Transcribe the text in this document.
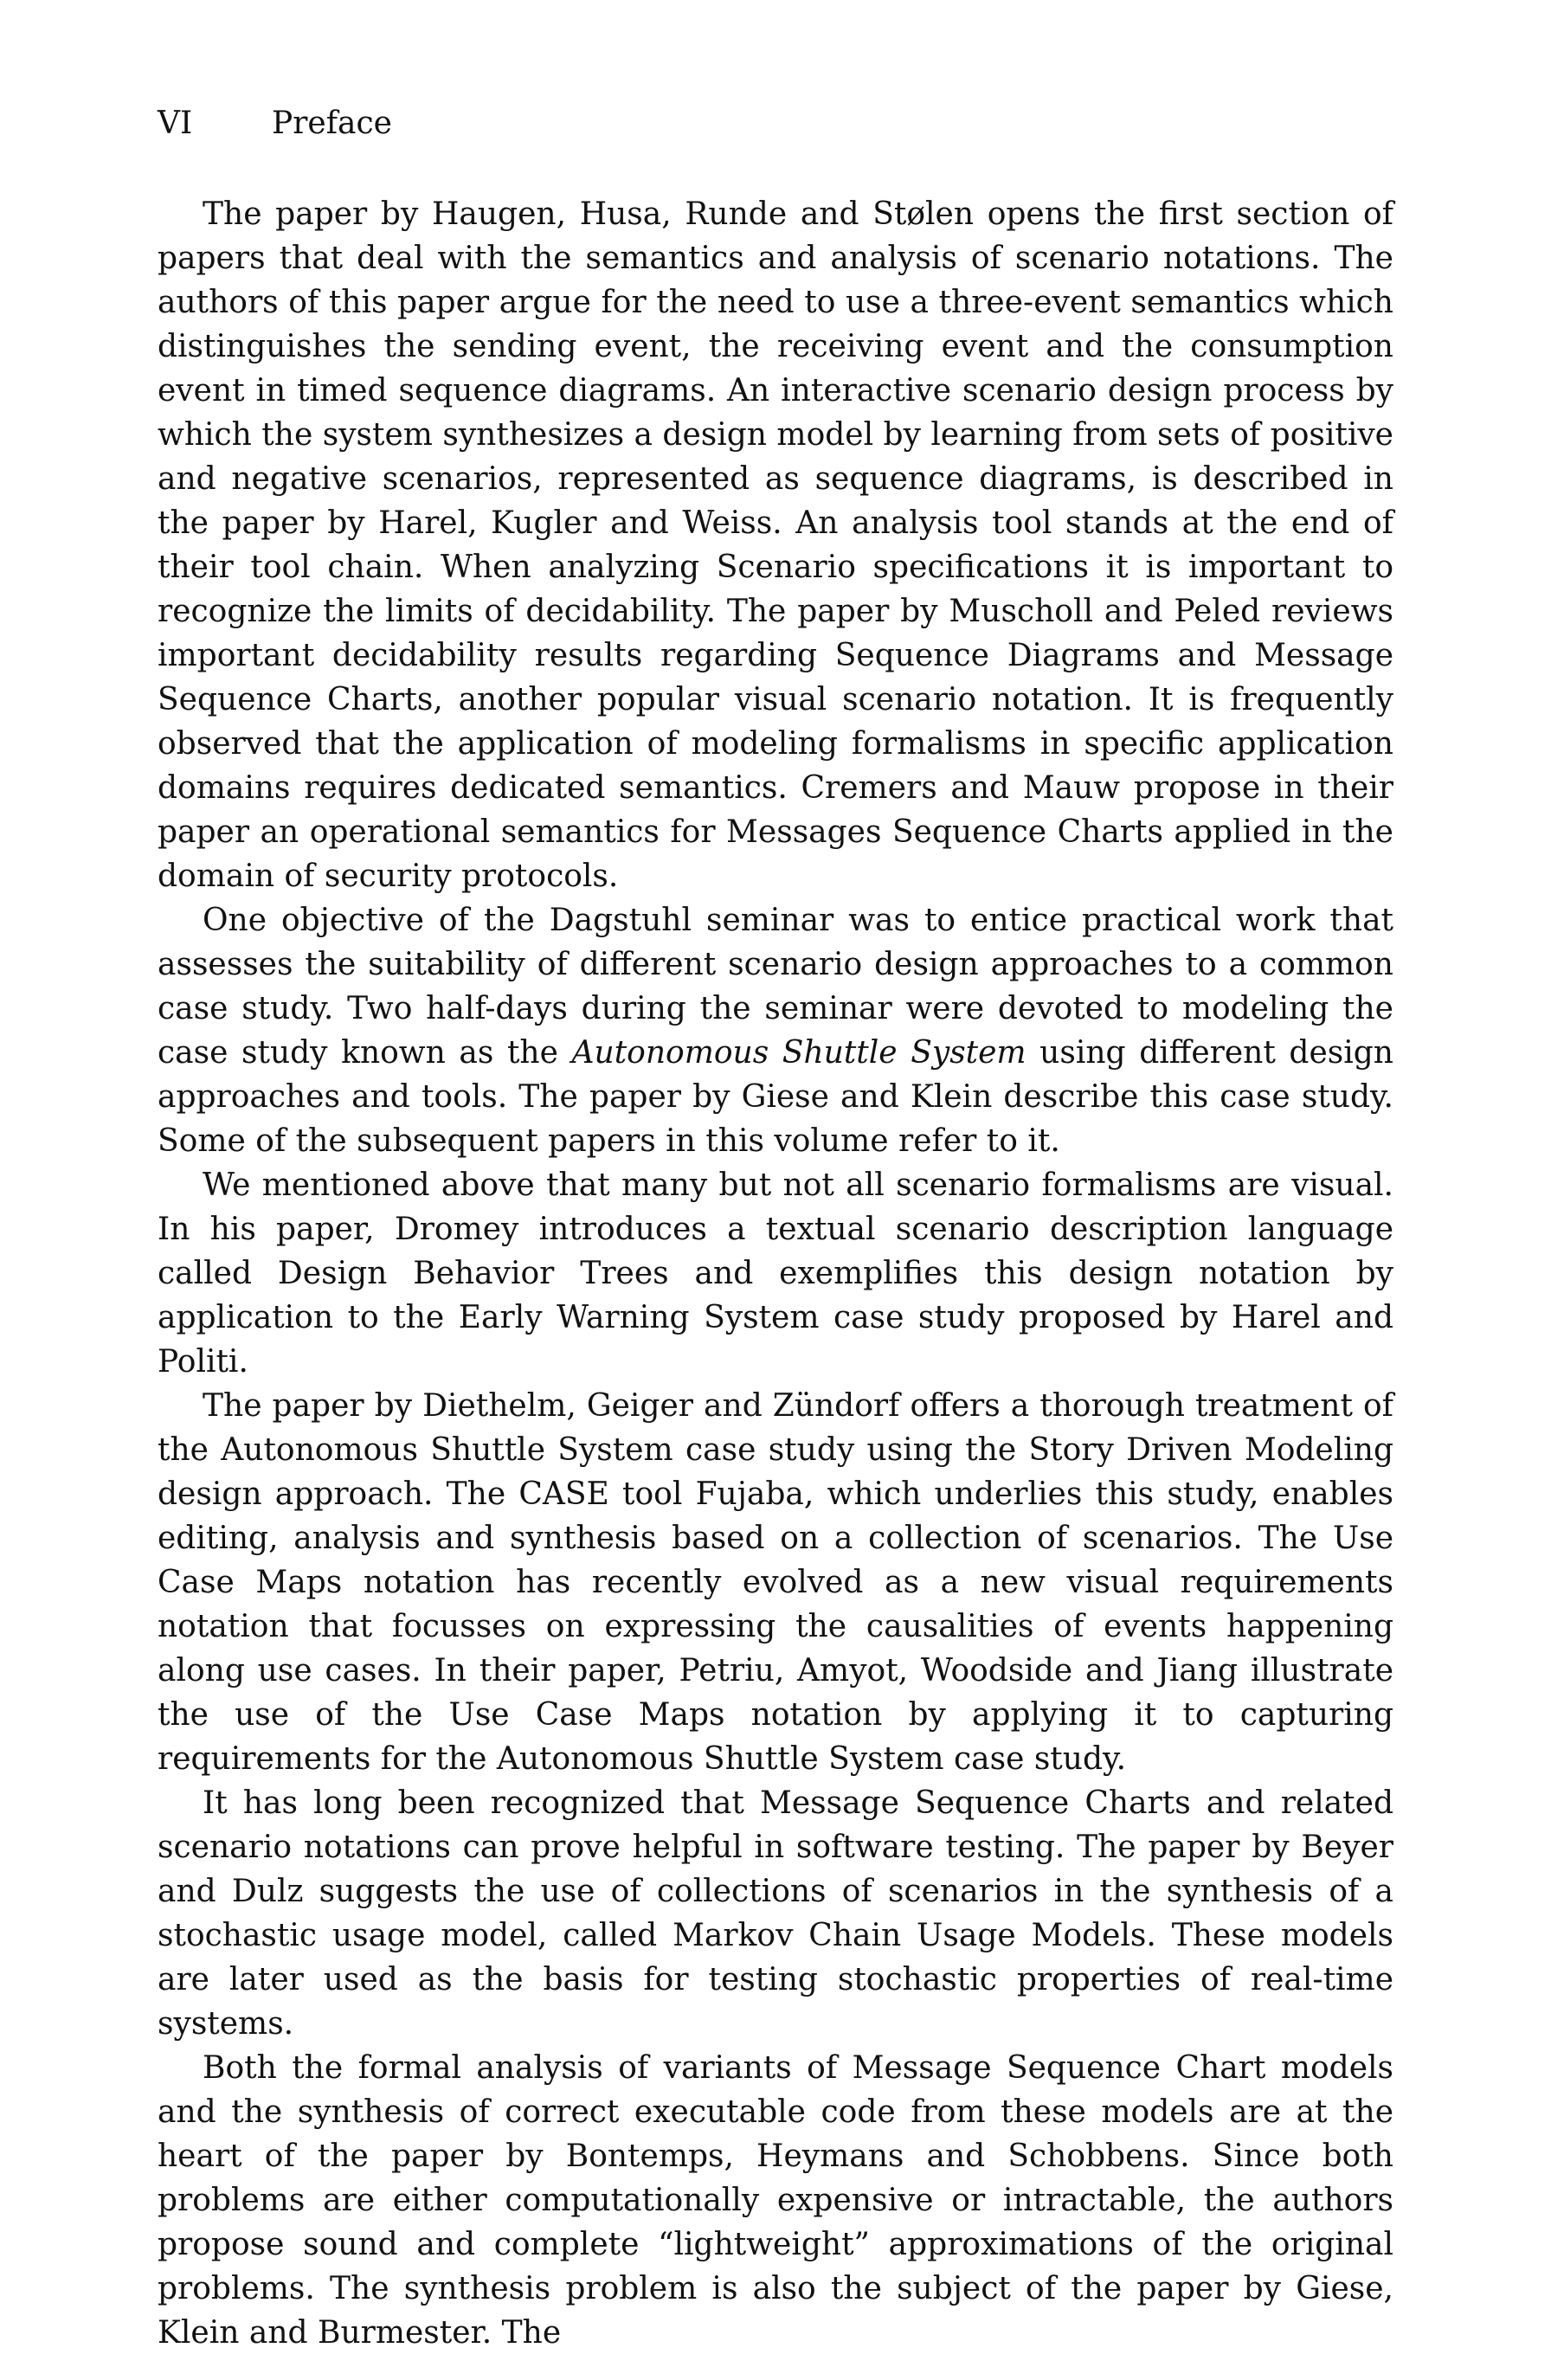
VI	Preface

The paper by Haugen, Husa, Runde and Stølen opens the first section of papers that deal with the semantics and analysis of scenario notations. The authors of this paper argue for the need to use a three-event semantics which distinguishes the sending event, the receiving event and the consumption event in timed sequence diagrams. An interactive scenario design process by which the system synthesizes a design model by learning from sets of positive and negative scenarios, represented as sequence diagrams, is described in the paper by Harel, Kugler and Weiss. An analysis tool stands at the end of their tool chain. When analyzing Scenario specifications it is important to recognize the limits of decidability. The paper by Muscholl and Peled reviews important decidability results regarding Sequence Diagrams and Message Sequence Charts, another popular visual scenario notation. It is frequently observed that the application of modeling formalisms in specific application domains requires dedicated semantics. Cremers and Mauw propose in their paper an operational semantics for Messages Sequence Charts applied in the domain of security protocols.

One objective of the Dagstuhl seminar was to entice practical work that assesses the suitability of different scenario design approaches to a common case study. Two half-days during the seminar were devoted to modeling the case study known as the Autonomous Shuttle System using different design approaches and tools. The paper by Giese and Klein describe this case study. Some of the subsequent papers in this volume refer to it.

We mentioned above that many but not all scenario formalisms are visual. In his paper, Dromey introduces a textual scenario description language called Design Behavior Trees and exemplifies this design notation by application to the Early Warning System case study proposed by Harel and Politi.

The paper by Diethelm, Geiger and Zündorf offers a thorough treatment of the Autonomous Shuttle System case study using the Story Driven Modeling design approach. The CASE tool Fujaba, which underlies this study, enables editing, analysis and synthesis based on a collection of scenarios. The Use Case Maps notation has recently evolved as a new visual requirements notation that focusses on expressing the causalities of events happening along use cases. In their paper, Petriu, Amyot, Woodside and Jiang illustrate the use of the Use Case Maps notation by applying it to capturing requirements for the Autonomous Shuttle System case study.

It has long been recognized that Message Sequence Charts and related scenario notations can prove helpful in software testing. The paper by Beyer and Dulz suggests the use of collections of scenarios in the synthesis of a stochastic usage model, called Markov Chain Usage Models. These models are later used as the basis for testing stochastic properties of real-time systems.

Both the formal analysis of variants of Message Sequence Chart models and the synthesis of correct executable code from these models are at the heart of the paper by Bontemps, Heymans and Schobbens. Since both problems are either computationally expensive or intractable, the authors propose sound and complete “lightweight” approximations of the original problems. The synthesis problem is also the subject of the paper by Giese, Klein and Burmester. The
